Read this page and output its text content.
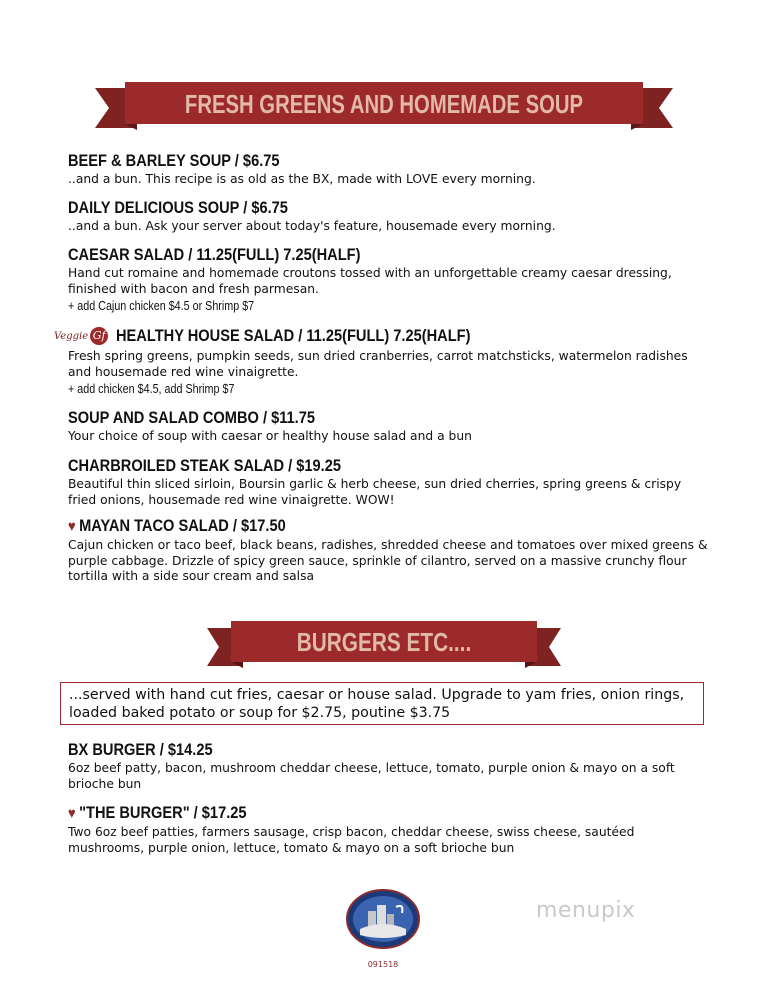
FRESH GREENS AND HOMEMADE SOUP
BEEF & BARLEY SOUP / $6.75
..and a bun. This recipe is as old as the BX, made with LOVE every morning.
DAILY DELICIOUS SOUP / $6.75
..and a bun. Ask your server about today's feature, housemade every morning.
CAESAR SALAD / 11.25(FULL) 7.25(HALF)
Hand cut romaine and homemade croutons tossed with an unforgettable creamy caesar dressing, finished with bacon and fresh parmesan.
+ add Cajun chicken $4.5 or Shrimp $7
Veggie Gf HEALTHY HOUSE SALAD / 11.25(FULL) 7.25(HALF)
Fresh spring greens, pumpkin seeds, sun dried cranberries, carrot matchsticks, watermelon radishes and housemade red wine vinaigrette.
+ add chicken $4.5, add Shrimp $7
SOUP AND SALAD COMBO / $11.75
Your choice of soup with caesar or healthy house salad and a bun
CHARBROILED STEAK SALAD / $19.25
Beautiful thin sliced sirloin, Boursin garlic & herb cheese, sun dried cherries, spring greens & crispy fried onions, housemade red wine vinaigrette. WOW!
♥ MAYAN TACO SALAD / $17.50
Cajun chicken or taco beef, black beans, radishes, shredded cheese and tomatoes over mixed greens & purple cabbage. Drizzle of spicy green sauce, sprinkle of cilantro, served on a massive crunchy flour tortilla with a side sour cream and salsa
BURGERS ETC....
...served with hand cut fries, caesar or house salad. Upgrade to yam fries, onion rings, loaded baked potato or soup for $2.75, poutine $3.75
BX BURGER / $14.25
6oz beef patty, bacon, mushroom cheddar cheese, lettuce, tomato, purple onion & mayo on a soft brioche bun
♥ "THE BURGER" / $17.25
Two 6oz beef patties, farmers sausage, crisp bacon, cheddar cheese, swiss cheese, sautéed mushrooms, purple onion, lettuce, tomato & mayo on a soft brioche bun
091518
menupix
